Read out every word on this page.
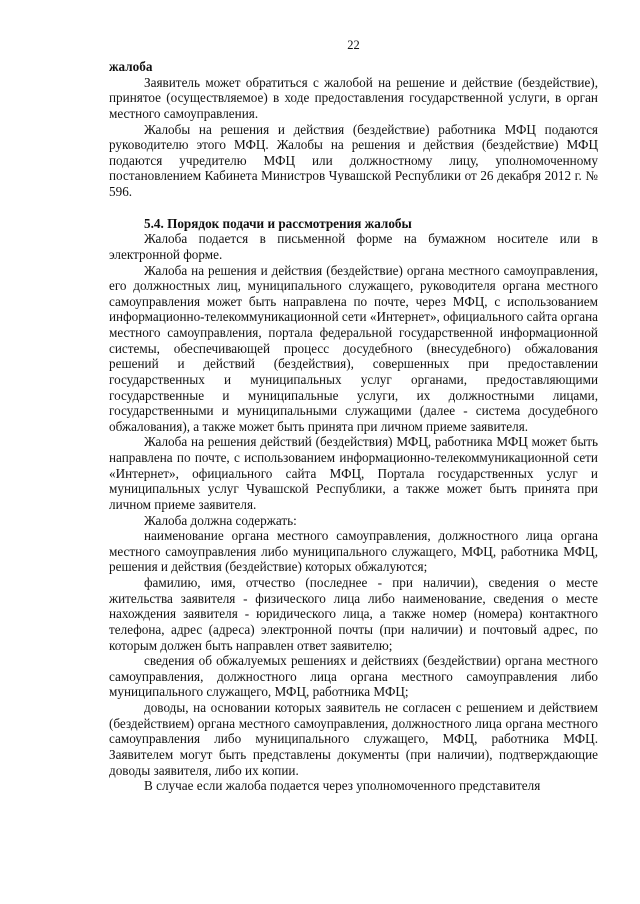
22

жалоба

Заявитель может обратиться с жалобой на решение и действие (бездействие), принятое (осуществляемое) в ходе предоставления государственной услуги, в орган местного самоуправления.

Жалобы на решения и действия (бездействие) работника МФЦ подаются руководителю этого МФЦ. Жалобы на решения и действия (бездействие) МФЦ подаются учредителю МФЦ или должностному лицу, уполномоченному постановлением Кабинета Министров Чувашской Республики от 26 декабря 2012 г. № 596.

5.4. Порядок подачи и рассмотрения жалобы

Жалоба подается в письменной форме на бумажном носителе или в электронной форме.

Жалоба на решения и действия (бездействие) органа местного самоуправления, его должностных лиц, муниципального служащего, руководителя органа местного самоуправления может быть направлена по почте, через МФЦ, с использованием информационно-телекоммуникационной сети «Интернет», официального сайта органа местного самоуправления, портала федеральной государственной информационной системы, обеспечивающей процесс досудебного (внесудебного) обжалования решений и действий (бездействия), совершенных при предоставлении государственных и муниципальных услуг органами, предоставляющими государственные и муниципальные услуги, их должностными лицами, государственными и муниципальными служащими (далее - система досудебного обжалования), а также может быть принята при личном приеме заявителя.

Жалоба на решения действий (бездействия) МФЦ, работника МФЦ может быть направлена по почте, с использованием информационно-телекоммуникационной сети «Интернет», официального сайта МФЦ, Портала государственных услуг и муниципальных услуг Чувашской Республики, а также может быть принята при личном приеме заявителя.

Жалоба должна содержать:

наименование органа местного самоуправления, должностного лица органа местного самоуправления либо муниципального служащего, МФЦ, работника МФЦ, решения и действия (бездействие) которых обжалуются;

фамилию, имя, отчество (последнее - при наличии), сведения о месте жительства заявителя - физического лица либо наименование, сведения о месте нахождения заявителя - юридического лица, а также номер (номера) контактного телефона, адрес (адреса) электронной почты (при наличии) и почтовый адрес, по которым должен быть направлен ответ заявителю;

сведения об обжалуемых решениях и действиях (бездействии) органа местного самоуправления, должностного лица органа местного самоуправления либо муниципального служащего, МФЦ, работника МФЦ;

доводы, на основании которых заявитель не согласен с решением и действием (бездействием) органа местного самоуправления, должностного лица органа местного самоуправления либо муниципального служащего, МФЦ, работника МФЦ. Заявителем могут быть представлены документы (при наличии), подтверждающие доводы заявителя, либо их копии.

В случае если жалоба подается через уполномоченного представителя
